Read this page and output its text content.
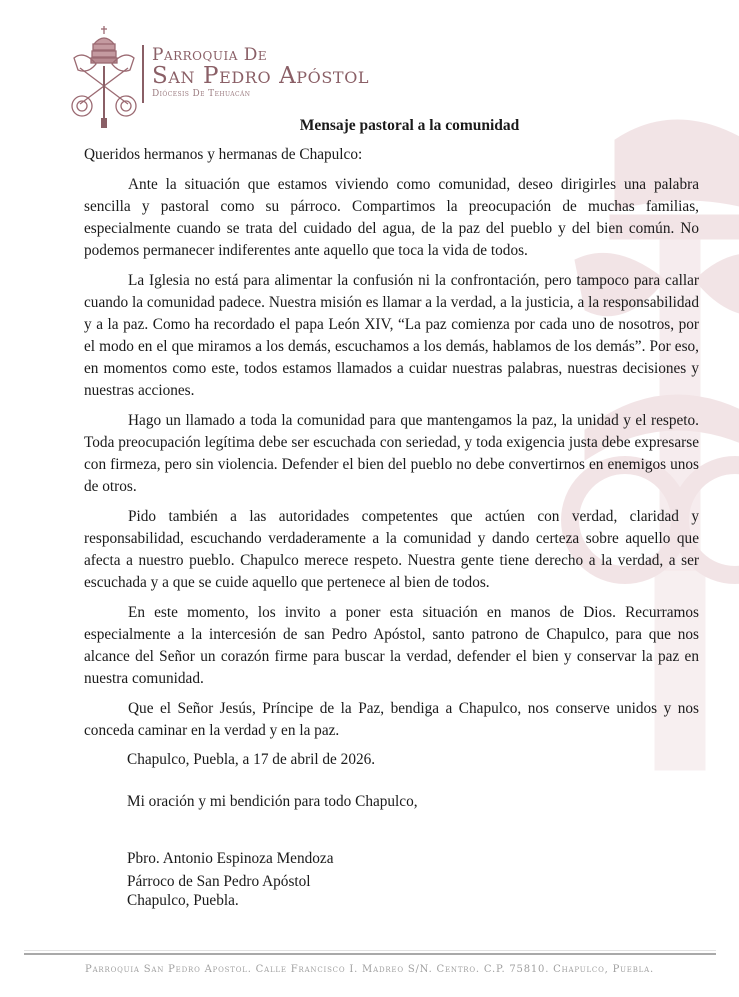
Parroquia De
San Pedro Apóstol
Diócesis De Tehuacán
Mensaje pastoral a la comunidad

Queridos hermanos y hermanas de Chapulco:

Ante la situación que estamos viviendo como comunidad, deseo dirigirles una palabra sencilla y pastoral como su párroco. Compartimos la preocupación de muchas familias, especialmente cuando se trata del cuidado del agua, de la paz del pueblo y del bien común. No podemos permanecer indiferentes ante aquello que toca la vida de todos.

La Iglesia no está para alimentar la confusión ni la confrontación, pero tampoco para callar cuando la comunidad padece. Nuestra misión es llamar a la verdad, a la justicia, a la responsabilidad y a la paz. Como ha recordado el papa León XIV, “La paz comienza por cada uno de nosotros, por el modo en el que miramos a los demás, escuchamos a los demás, hablamos de los demás”. Por eso, en momentos como este, todos estamos llamados a cuidar nuestras palabras, nuestras decisiones y nuestras acciones.

Hago un llamado a toda la comunidad para que mantengamos la paz, la unidad y el respeto. Toda preocupación legítima debe ser escuchada con seriedad, y toda exigencia justa debe expresarse con firmeza, pero sin violencia. Defender el bien del pueblo no debe convertirnos en enemigos unos de otros.

Pido también a las autoridades competentes que actúen con verdad, claridad y responsabilidad, escuchando verdaderamente a la comunidad y dando certeza sobre aquello que afecta a nuestro pueblo. Chapulco merece respeto. Nuestra gente tiene derecho a la verdad, a ser escuchada y a que se cuide aquello que pertenece al bien de todos.

En este momento, los invito a poner esta situación en manos de Dios. Recurramos especialmente a la intercesión de san Pedro Apóstol, santo patrono de Chapulco, para que nos alcance del Señor un corazón firme para buscar la verdad, defender el bien y conservar la paz en nuestra comunidad.

Que el Señor Jesús, Príncipe de la Paz, bendiga a Chapulco, nos conserve unidos y nos conceda caminar en la verdad y en la paz.

Chapulco, Puebla, a 17 de abril de 2026.
Mi oración y mi bendición para todo Chapulco,
Pbro. Antonio Espinoza Mendoza
Párroco de San Pedro Apóstol
Chapulco, Puebla.
Parroquia San Pedro Apostol. Calle Francisco I. Madreo S/N. Centro. C.P. 75810. Chapulco, Puebla.
